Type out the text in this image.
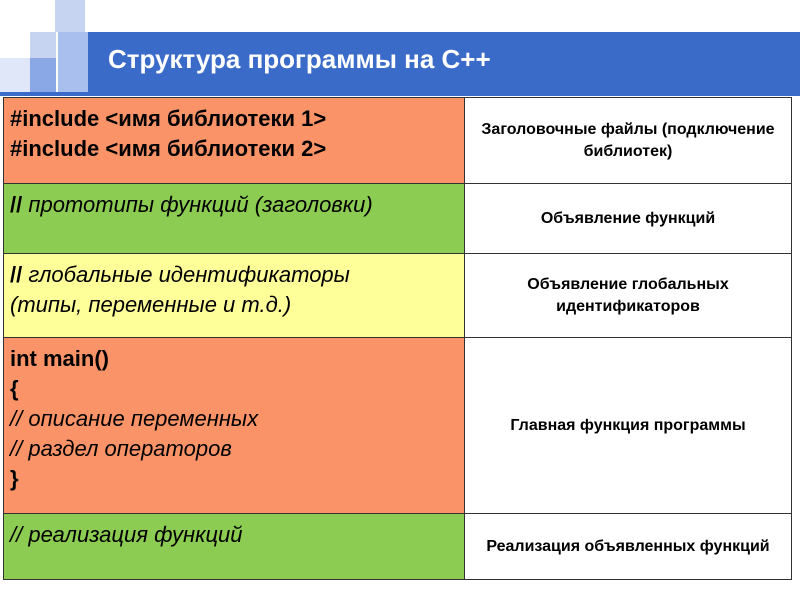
Структура программы на С++
#include <имя библиотеки 1>
#include <имя библиотеки 2>	Заголовочные файлы (подключение библиотек)

// прототипы функций (заголовки)	Объявление функций

// глобальные идентификаторы
(типы, переменные и т.д.)	Объявление глобальных идентификаторов

int main()
{
// описание переменных
// раздел операторов
}	Главная функция программы

// реализация функций	Реализация объявленных функций
